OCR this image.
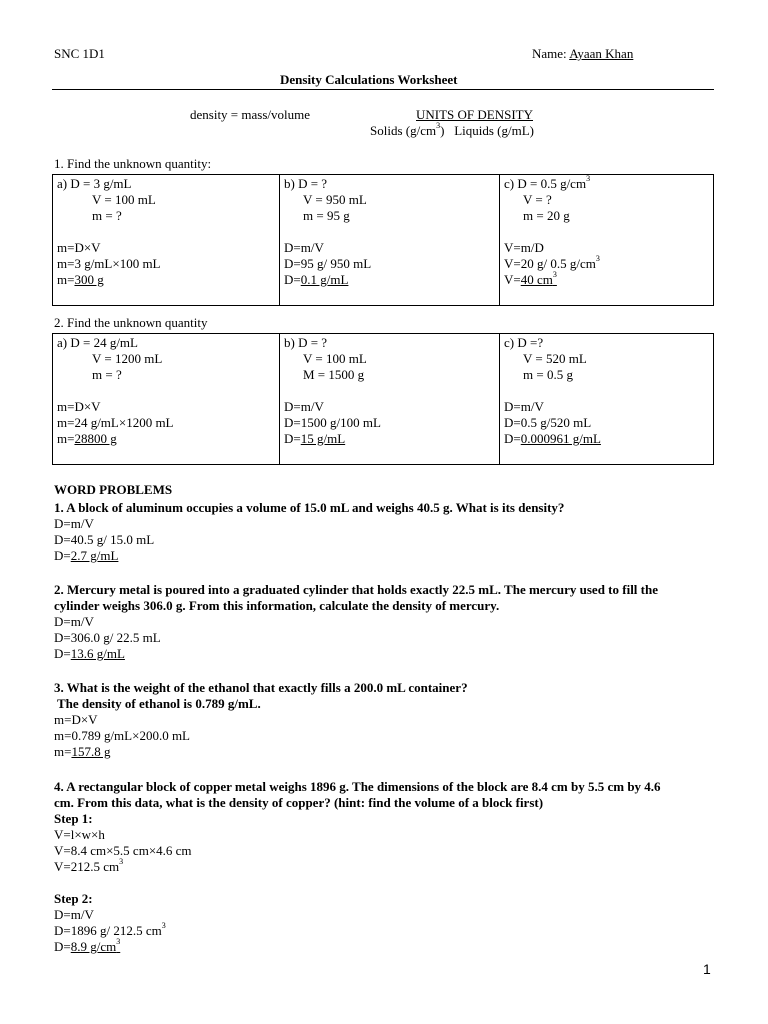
SNC 1D1	Name: Ayaan Khan
Density Calculations Worksheet
density = mass/volume	UNITS OF DENSITY
Solids $(g/cm^3)$ Liquids (g/mL)
1. Find the unknown quantity:
a) D = 3 g/mL
V = 100 mL
m = ?
m=D×V
m=3 g/mL×100 mL
m=300 g
b) D = ?
V = 950 mL
m = 95 g
D=m/V
D=95 g/ 950 mL
D=0.1 g/mL
c) D = 0.5 $g/cm^3$
V = ?
m = 20 g
V=m/D
V=20 g/ 0.5 $g/cm^3$
V=40 $cm^3$
2. Find the unknown quantity
a) D = 24 g/mL
V = 1200 mL
m = ?
m=D×V
m=24 g/mL×1200 mL
m=28800 g
b) D = ?
V = 100 mL
M = 1500 g
D=m/V
D=1500 g/100 mL
D=15 g/mL
c) D =?
V = 520 mL
m = 0.5 g
D=m/V
D=0.5 g/520 mL
D=0.000961 g/mL
WORD PROBLEMS
1. A block of aluminum occupies a volume of 15.0 mL and weighs 40.5 g. What is its density?
D=m/V
D=40.5 g/ 15.0 mL
D=2.7 g/mL
2. Mercury metal is poured into a graduated cylinder that holds exactly 22.5 mL. The mercury used to fill the
cylinder weighs 306.0 g. From this information, calculate the density of mercury.
D=m/V
D=306.0 g/ 22.5 mL
D=13.6 g/mL
3. What is the weight of the ethanol that exactly fills a 200.0 mL container?
The density of ethanol is 0.789 g/mL.
m=D×V
m=0.789 g/mL×200.0 mL
m=157.8 g
4. A rectangular block of copper metal weighs 1896 g. The dimensions of the block are 8.4 cm by 5.5 cm by 4.6
cm. From this data, what is the density of copper? (hint: find the volume of a block first)
Step 1:
V=l×w×h
V=8.4 cm×5.5 cm×4.6 cm
V=212.5 $cm^3$
Step 2:
D=m/V
D=1896 g/ 212.5 $cm^3$
D=8.9 $g/cm^3$
1
